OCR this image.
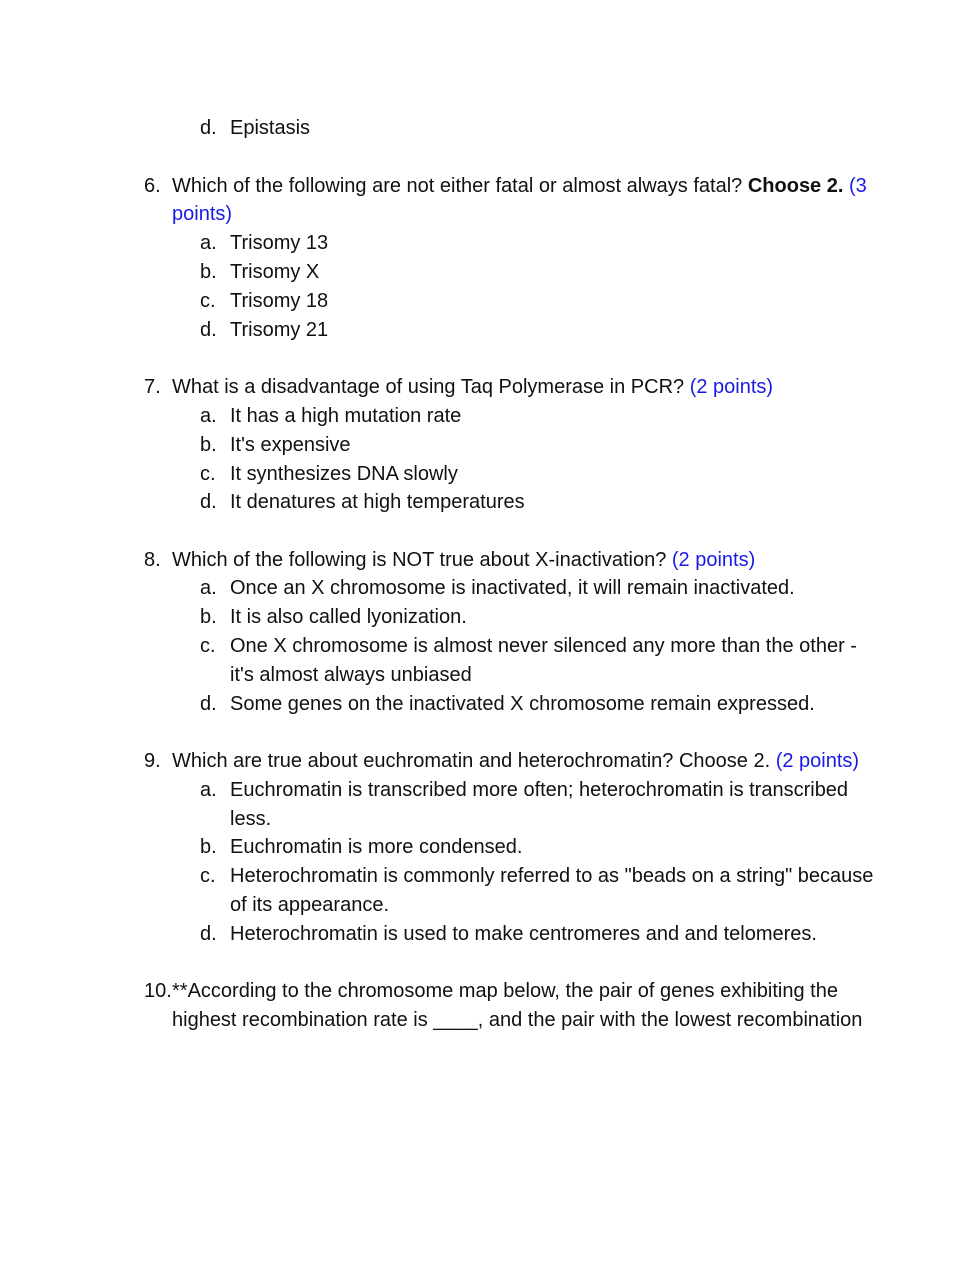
d. Epistasis
6. Which of the following are not either fatal or almost always fatal? Choose 2. (3
points)
a. Trisomy 13
b. Trisomy X
c. Trisomy 18
d. Trisomy 21
7. What is a disadvantage of using Taq Polymerase in PCR? (2 points)
a. It has a high mutation rate
b. It's expensive
c. It synthesizes DNA slowly
d. It denatures at high temperatures
8. Which of the following is NOT true about X-inactivation? (2 points)
a. Once an X chromosome is inactivated, it will remain inactivated.
b. It is also called lyonization.
c. One X chromosome is almost never silenced any more than the other -
it's almost always unbiased
d. Some genes on the inactivated X chromosome remain expressed.
9. Which are true about euchromatin and heterochromatin? Choose 2. (2 points)
a. Euchromatin is transcribed more often; heterochromatin is transcribed
less.
b. Euchromatin is more condensed.
c. Heterochromatin is commonly referred to as "beads on a string" because
of its appearance.
d. Heterochromatin is used to make centromeres and and telomeres.
10. **According to the chromosome map below, the pair of genes exhibiting the
highest recombination rate is ____, and the pair with the lowest recombination
